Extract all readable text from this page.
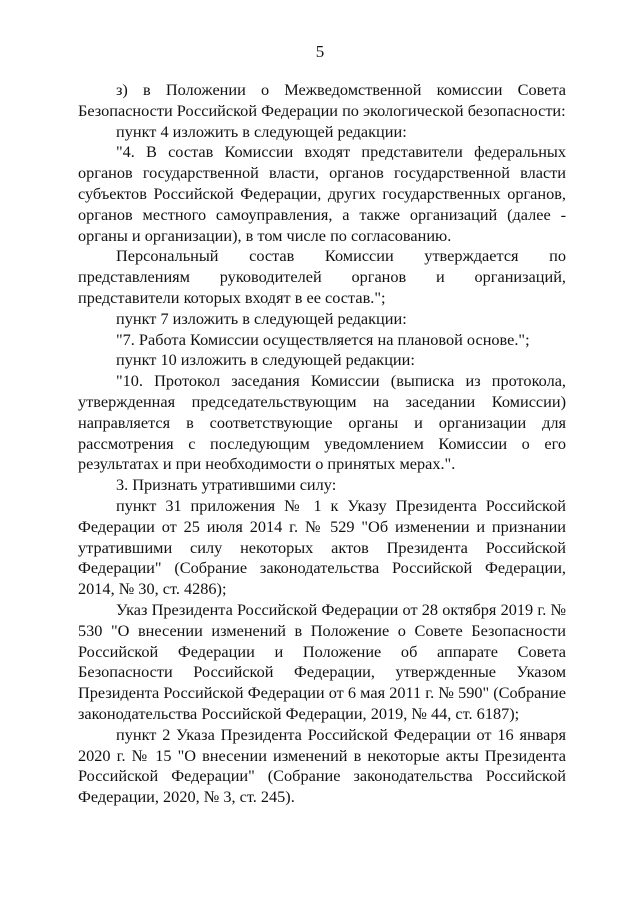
5

з) в Положении о Межведомственной комиссии Совета Безопасности Российской Федерации по экологической безопасности:

пункт 4 изложить в следующей редакции:

"4. В состав Комиссии входят представители федеральных органов государственной власти, органов государственной власти субъектов Российской Федерации, других государственных органов, органов местного самоуправления, а также организаций (далее - органы и организации), в том числе по согласованию.

Персональный состав Комиссии утверждается по представлениям руководителей органов и организаций, представители которых входят в ее состав.";

пункт 7 изложить в следующей редакции:

"7. Работа Комиссии осуществляется на плановой основе.";

пункт 10 изложить в следующей редакции:

"10. Протокол заседания Комиссии (выписка из протокола, утвержденная председательствующим на заседании Комиссии) направляется в соответствующие органы и организации для рассмотрения с последующим уведомлением Комиссии о его результатах и при необходимости о принятых мерах.".

3. Признать утратившими силу:

пункт 31 приложения № 1 к Указу Президента Российской Федерации от 25 июля 2014 г. № 529 "Об изменении и признании утратившими силу некоторых актов Президента Российской Федерации" (Собрание законодательства Российской Федерации, 2014, № 30, ст. 4286);

Указ Президента Российской Федерации от 28 октября 2019 г. № 530 "О внесении изменений в Положение о Совете Безопасности Российской Федерации и Положение об аппарате Совета Безопасности Российской Федерации, утвержденные Указом Президента Российской Федерации от 6 мая 2011 г. № 590" (Собрание законодательства Российской Федерации, 2019, № 44, ст. 6187);

пункт 2 Указа Президента Российской Федерации от 16 января 2020 г. № 15 "О внесении изменений в некоторые акты Президента Российской Федерации" (Собрание законодательства Российской Федерации, 2020, № 3, ст. 245).
